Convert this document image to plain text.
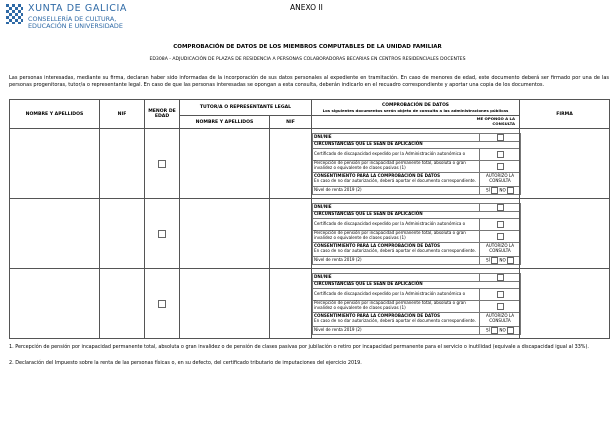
XUNTA DE GALICIA
CONSELLERÍA DE CULTURA,
EDUCACIÓN E UNIVERSIDADE
ANEXO II
COMPROBACIÓN DE DATOS DE LOS MIEMBROS COMPUTABLES DE LA UNIDAD FAMILIAR
ED308A - ADJUDICACIÓN DE PLAZAS DE RESIDENCIA A PERSONAS COLABORADORAS BECARIAS EN CENTROS RESIDENCIALES DOCENTES
Las personas interesadas, mediante su firma, declaran haber sido informadas de la incorporación de sus datos personales al expediente en tramitación. En caso de menores de edad, este documento deberá ser firmado por una de las personas progenitoras, tutor/a o representante legal. En caso de que las personas interesadas se opongan a esta consulta, deberán indicarlo en el recuadro correspondiente y aportar una copia de los documentos.
NOMBRE Y APELLIDOS	NIF	MENOR DE EDAD	TUTOR/A O REPRESENTANTE LEGAL	COMPROBACIÓN DE DATOS
Los siguientes documentos serán objeto de consulta a las administraciones públicas
	FIRMA
NOMBRE Y APELLIDOS	NIF	ME OPONGO A LA CONSULTA

DNI/NIE	
CIRCUNSTANCIAS QUE LE SEAN DE APLICACIÓN
Certificado de discapacidad expedido por la Administración autonómica o	
Percepción de pensión por incapacidad permanente total, absoluta o gran invalidez o equivalente de clases pasivas (1)	

CONSENTIMIENTO PARA LA COMPROBACIÓN DE DATOS
En caso de no dar autorización, deberá aportar el documento correspondiente.
	AUTORIZO LA CONSULTA
Nivel de renta 2019 (2)	SÍ NO

DNI/NIE	
CIRCUNSTANCIAS QUE LE SEAN DE APLICACIÓN
Certificado de discapacidad expedido por la Administración autonómica o	
Percepción de pensión por incapacidad permanente total, absoluta o gran invalidez o equivalente de clases pasivas (1)	

CONSENTIMIENTO PARA LA COMPROBACIÓN DE DATOS
En caso de no dar autorización, deberá aportar el documento correspondiente.
	AUTORIZO LA CONSULTA
Nivel de renta 2019 (2)	SÍ NO

DNI/NIE	
CIRCUNSTANCIAS QUE LE SEAN DE APLICACIÓN
Certificado de discapacidad expedido por la Administración autonómica o	
Percepción de pensión por incapacidad permanente total, absoluta o gran invalidez o equivalente de clases pasivas (1)	

CONSENTIMIENTO PARA LA COMPROBACIÓN DE DATOS
En caso de no dar autorización, deberá aportar el documento correspondiente.
	AUTORIZO LA CONSULTA
Nivel de renta 2019 (2)	SÍ NO

1. Percepción de pensión por incapacidad permanente total, absoluta o gran invalidez o de pensión de clases pasivas por jubilación o retiro por incapacidad permanente para el servicio o inutilidad (equivale a discapacidad igual al 33%).
2. Declaración del Impuesto sobre la renta de las personas físicas o, en su defecto, del certificado tributario de imputaciones del ejercicio 2019.
